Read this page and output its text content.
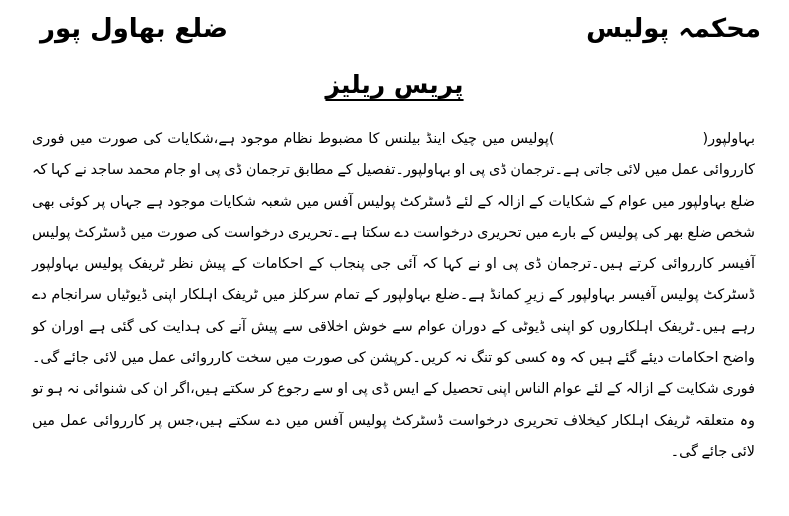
محکمہ پولیس
ضلع بھاول پور
پریس ریلیز
بہاولپور()پولیس میں چیک اینڈ بیلنس کا مضبوط نظام موجود ہے،شکایات کی صورت میں فوری کارروائی عمل میں لائی جاتی ہے۔ترجمان ڈی پی او بہاولپور۔تفصیل کے مطابق ترجمان ڈی پی او جام محمد ساجد نے کہا کہ ضلع بہاولپور میں عوام کے شکایات کے ازالہ کے لئے ڈسٹرکٹ پولیس آفس میں شعبہ شکایات موجود ہے جہاں پر کوئی بھی شخص ضلع بھر کی پولیس کے بارے میں تحریری درخواست دے سکتا ہے۔تحریری درخواست کی صورت میں ڈسٹرکٹ پولیس آفیسر کارروائی کرتے ہیں۔ترجمان ڈی پی او نے کہا کہ آئی جی پنجاب کے احکامات کے پیش نظر ٹریفک پولیس بہاولپور ڈسٹرکٹ پولیس آفیسر بہاولپور کے زیرِ کمانڈ ہے۔ضلع بہاولپور کے تمام سرکلز میں ٹریفک اہلکار اپنی ڈیوٹیاں سرانجام دے رہے ہیں۔ٹریفک اہلکاروں کو اپنی ڈیوٹی کے دوران عوام سے خوش اخلاقی سے پیش آنے کی ہدایت کی گئی ہے اوران کو واضح احکامات دیئے گئے ہیں کہ وہ کسی کو تنگ نہ کریں۔کرپشن کی صورت میں سخت کارروائی عمل میں لائی جائے گی۔فوری شکایت کے ازالہ کے لئے عوام الناس اپنی تحصیل کے ایس ڈی پی او سے رجوع کر سکتے ہیں،اگر ان کی شنوائی نہ ہو تو وہ متعلقہ ٹریفک اہلکار کیخلاف تحریری درخواست ڈسٹرکٹ پولیس آفس میں دے سکتے ہیں،جس پر کارروائی عمل میں لائی جائے گی۔
